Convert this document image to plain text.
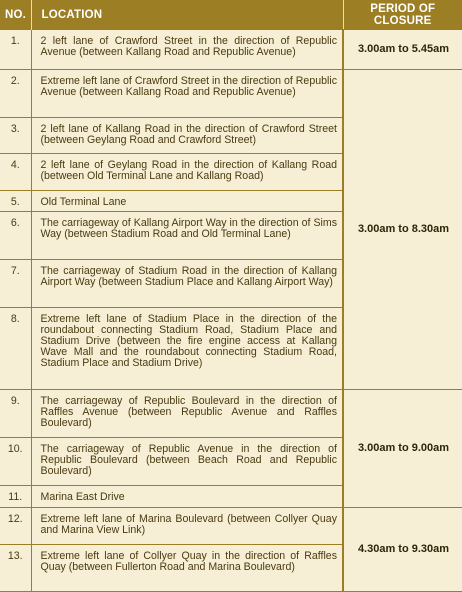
NO.	LOCATION	PERIOD OF CLOSURE
1.	2 left lane of Crawford Street in the direction of Republic Avenue (between Kallang Road and Republic Avenue)	3.00am to 5.45am
2.	Extreme left lane of Crawford Street in the direction of Republic Avenue (between Kallang Road and Republic Avenue)	3.00am to 8.30am
3.	2 left lane of Kallang Road in the direction of Crawford Street (between Geylang Road and Crawford Street)	
4.	2 left lane of Geylang Road in the direction of Kallang Road (between Old Terminal Lane and Kallang Road)	
5.	Old Terminal Lane	
6.	The carriageway of Kallang Airport Way in the direction of Sims Way (between Stadium Road and Old Terminal Lane)	
7.	The carriageway of Stadium Road in the direction of Kallang Airport Way (between Stadium Place and Kallang Airport Way)	
8.	Extreme left lane of Stadium Place in the direction of the roundabout connecting Stadium Road, Stadium Place and Stadium Drive (between the fire engine access at Kallang Wave Mall and the roundabout connecting Stadium Road, Stadium Place and Stadium Drive)	
9.	The carriageway of Republic Boulevard in the direction of Raffles Avenue (between Republic Avenue and Raffles Boulevard)	3.00am to 9.00am
10.	The carriageway of Republic Avenue in the direction of Republic Boulevard (between Beach Road and Republic Boulevard)	
11.	Marina East Drive	
12.	Extreme left lane of Marina Boulevard (between Collyer Quay and Marina View Link)	4.30am to 9.30am
13.	Extreme left lane of Collyer Quay in the direction of Raffles Quay (between Fullerton Road and Marina Boulevard)	
